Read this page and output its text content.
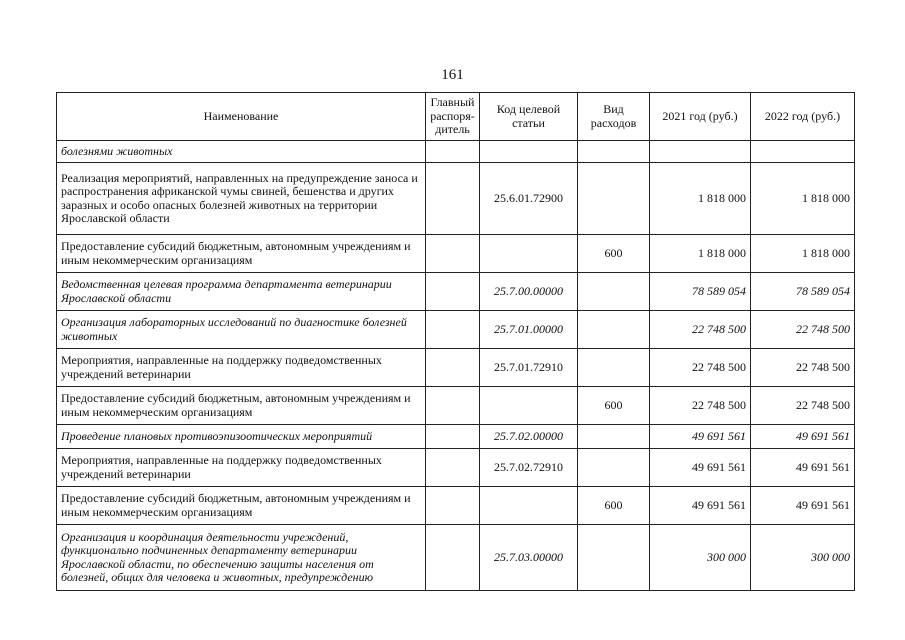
161
Наименование	Главный распоря-дитель	Код целевой статьи	Вид расходов	2021 год (руб.)	2022 год (руб.)
болезнями животных					
Реализация мероприятий, направленных на предупреждение заноса и распространения африканской чумы свиней, бешенства и других заразных и особо опасных болезней животных на территории Ярославской области		25.6.01.72900		1 818 000	1 818 000
Предоставление субсидий бюджетным, автономным учреждениям и иным некоммерческим организациям			600	1 818 000	1 818 000
Ведомственная целевая программа департамента ветеринарии Ярославской области		25.7.00.00000		78 589 054	78 589 054
Организация лабораторных исследований по диагностике болезней животных		25.7.01.00000		22 748 500	22 748 500
Мероприятия, направленные на поддержку подведомственных учреждений ветеринарии		25.7.01.72910		22 748 500	22 748 500
Предоставление субсидий бюджетным, автономным учреждениям и иным некоммерческим организациям			600	22 748 500	22 748 500
Проведение плановых противоэпизоотических мероприятий		25.7.02.00000		49 691 561	49 691 561
Мероприятия, направленные на поддержку подведомственных учреждений ветеринарии		25.7.02.72910		49 691 561	49 691 561
Предоставление субсидий бюджетным, автономным учреждениям и иным некоммерческим организациям			600	49 691 561	49 691 561
Организация и координация деятельности учреждений, функционально подчиненных департаменту ветеринарии Ярославской области, по обеспечению защиты населения от болезней, общих для человека и животных, предупреждению		25.7.03.00000		300 000	300 000
